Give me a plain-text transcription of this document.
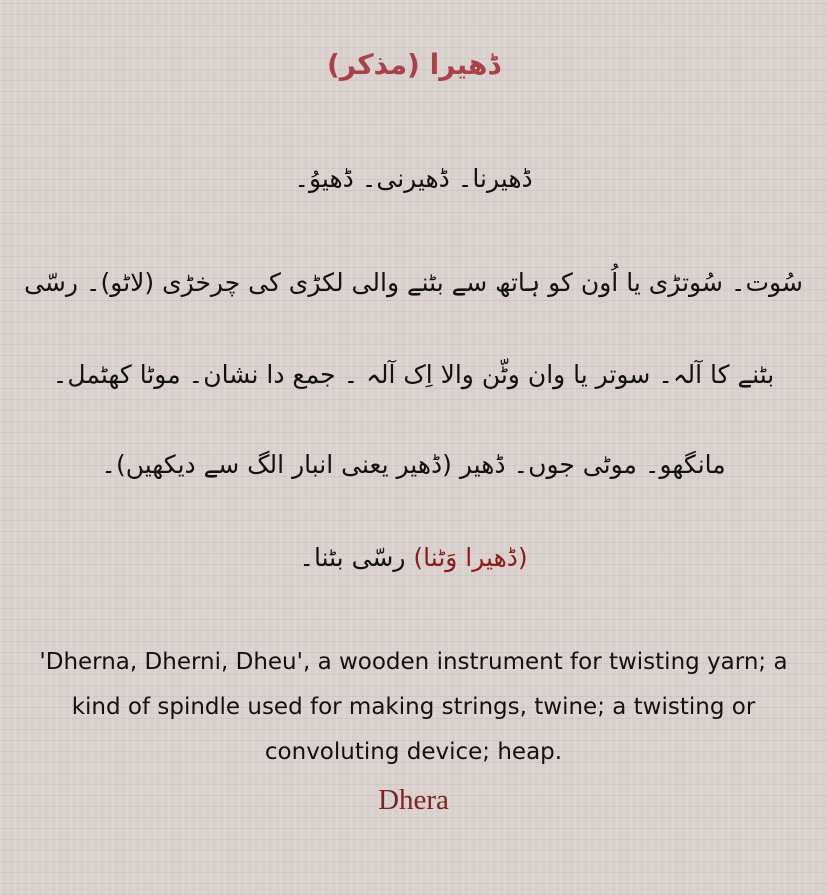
ڈھیرا (مذکر)

ڈھیرنا۔ ڈھیرنی۔ ڈھیوُ۔

سُوت۔ سُوتڑی یا اُون کو ہاتھ سے بٹنے والی لکڑی کی چرخڑی (لاٹو)۔ رسّی

بٹنے کا آلہ۔ سوتر یا وان وٹّن والا اِک آلہ ۔ جمع دا نشان۔ موٹا کھٹمل۔

مانگھو۔ موٹی جوں۔ ڈھیر (ڈھیر یعنی انبار الگ سے دیکھیں)۔

(ڈھیرا وَٹنا) رسّی بٹنا۔

'Dherna, Dherni, Dheu', a wooden instrument for twisting yarn; a kind of spindle used for making strings, twine; a twisting or convoluting device; heap.

Dhera
